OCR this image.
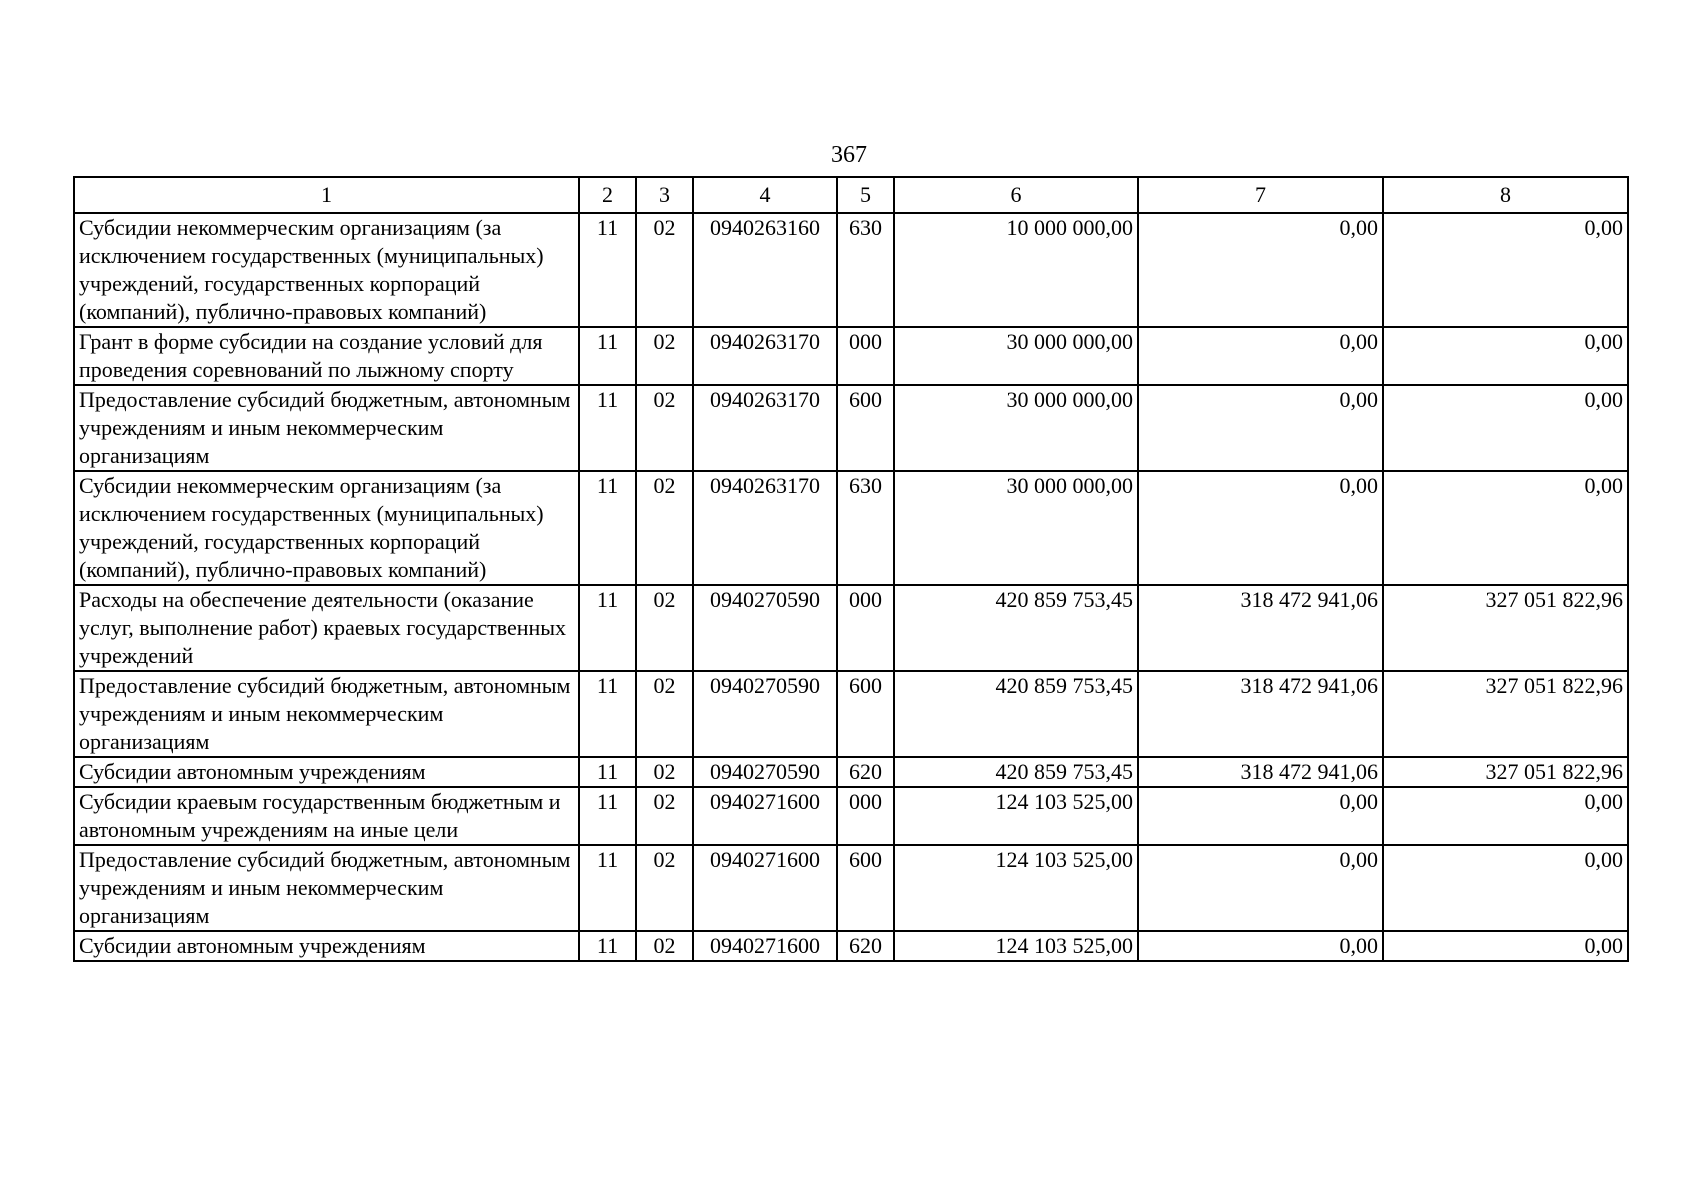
367
1	2	3	4	5	6	7	8
Субсидии некоммерческим организациям (за исключением государственных (муниципальных) учреждений, государственных корпораций (компаний), публично-правовых компаний)	11	02	0940263160	630	10 000 000,00	0,00	0,00
Грант в форме субсидии на создание условий для проведения соревнований по лыжному спорту	11	02	0940263170	000	30 000 000,00	0,00	0,00
Предоставление субсидий бюджетным, автономным учреждениям и иным некоммерческим организациям	11	02	0940263170	600	30 000 000,00	0,00	0,00
Субсидии некоммерческим организациям (за исключением государственных (муниципальных) учреждений, государственных корпораций (компаний), публично-правовых компаний)	11	02	0940263170	630	30 000 000,00	0,00	0,00
Расходы на обеспечение деятельности (оказание услуг, выполнение работ) краевых государственных учреждений	11	02	0940270590	000	420 859 753,45	318 472 941,06	327 051 822,96
Предоставление субсидий бюджетным, автономным учреждениям и иным некоммерческим организациям	11	02	0940270590	600	420 859 753,45	318 472 941,06	327 051 822,96
Субсидии автономным учреждениям	11	02	0940270590	620	420 859 753,45	318 472 941,06	327 051 822,96
Субсидии краевым государственным бюджетным и автономным учреждениям на иные цели	11	02	0940271600	000	124 103 525,00	0,00	0,00
Предоставление субсидий бюджетным, автономным учреждениям и иным некоммерческим организациям	11	02	0940271600	600	124 103 525,00	0,00	0,00
Субсидии автономным учреждениям	11	02	0940271600	620	124 103 525,00	0,00	0,00
